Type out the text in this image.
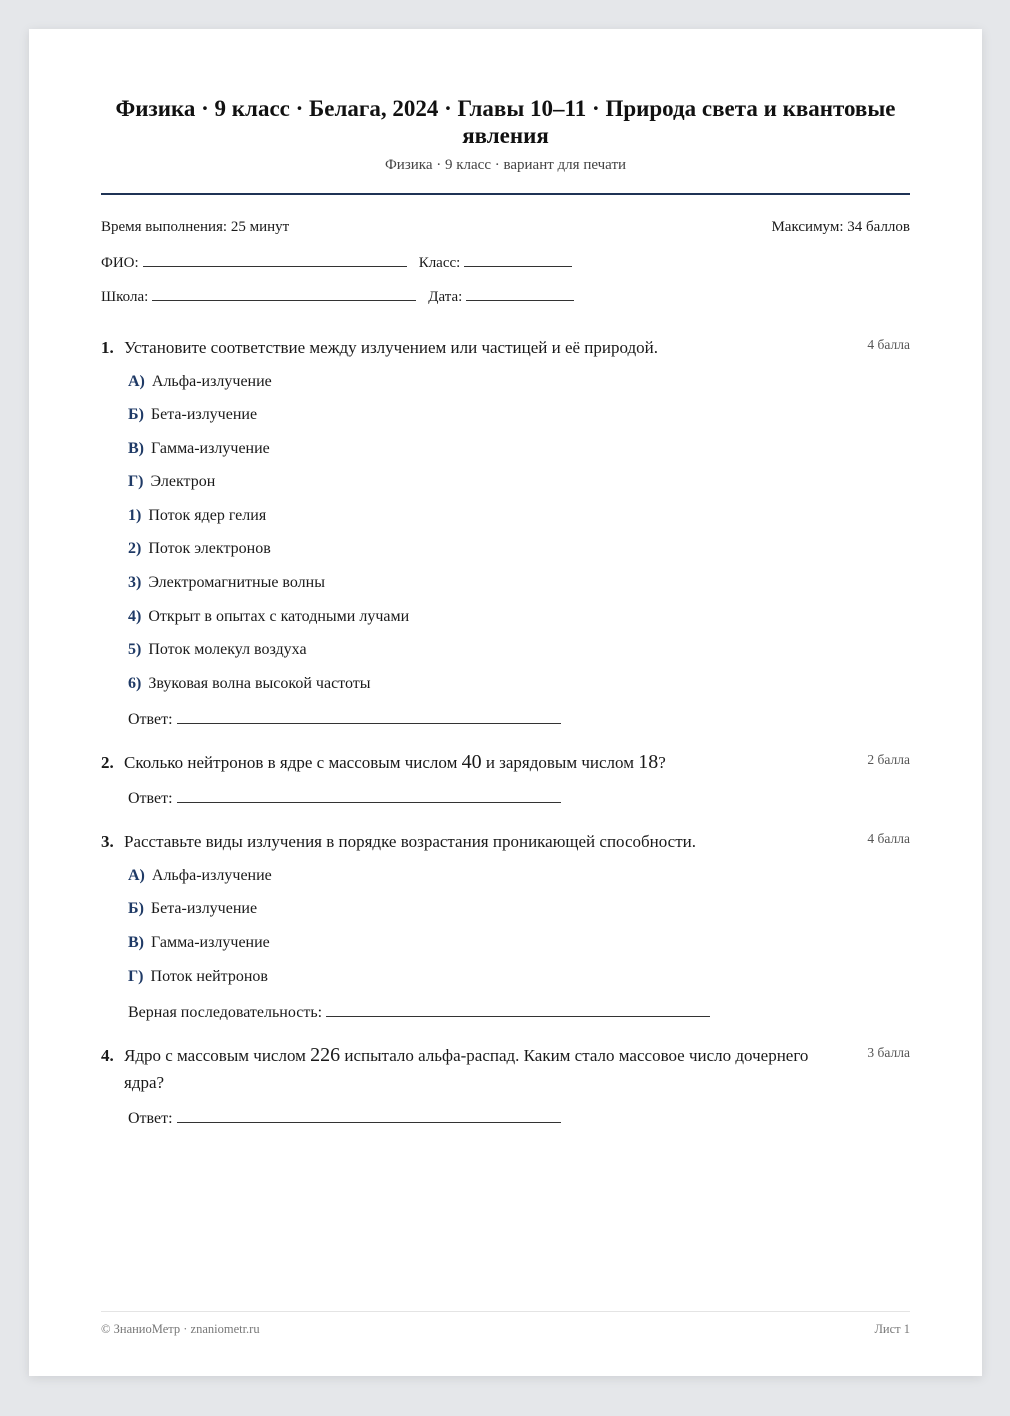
Физика · 9 класс · Белага, 2024 · Главы 10–11 · Природа света и квантовые явления
Физика · 9 класс · вариант для печати
Время выполнения: 25 минут	Максимум: 34 баллов
ФИО:	Класс:
Школа:	Дата:
1. Установите соответствие между излучением или частицей и её природой.	4 балла
А) Альфа-излучение
Б) Бета-излучение
В) Гамма-излучение
Г) Электрон
1) Поток ядер гелия
2) Поток электронов
3) Электромагнитные волны
4) Открыт в опытах с катодными лучами
5) Поток молекул воздуха
6) Звуковая волна высокой частоты
Ответ:
2. Сколько нейтронов в ядре с массовым числом 40 и зарядовым числом 18?	2 балла
Ответ:
3. Расставьте виды излучения в порядке возрастания проникающей способности.	4 балла
А) Альфа-излучение
Б) Бета-излучение
В) Гамма-излучение
Г) Поток нейтронов
Верная последовательность:
4. Ядро с массовым числом 226 испытало альфа-распад. Каким стало массовое число дочернего ядра?
3 балла
Ответ:
© ЗнаниоМетр · znaniometr.ru	Лист 1
